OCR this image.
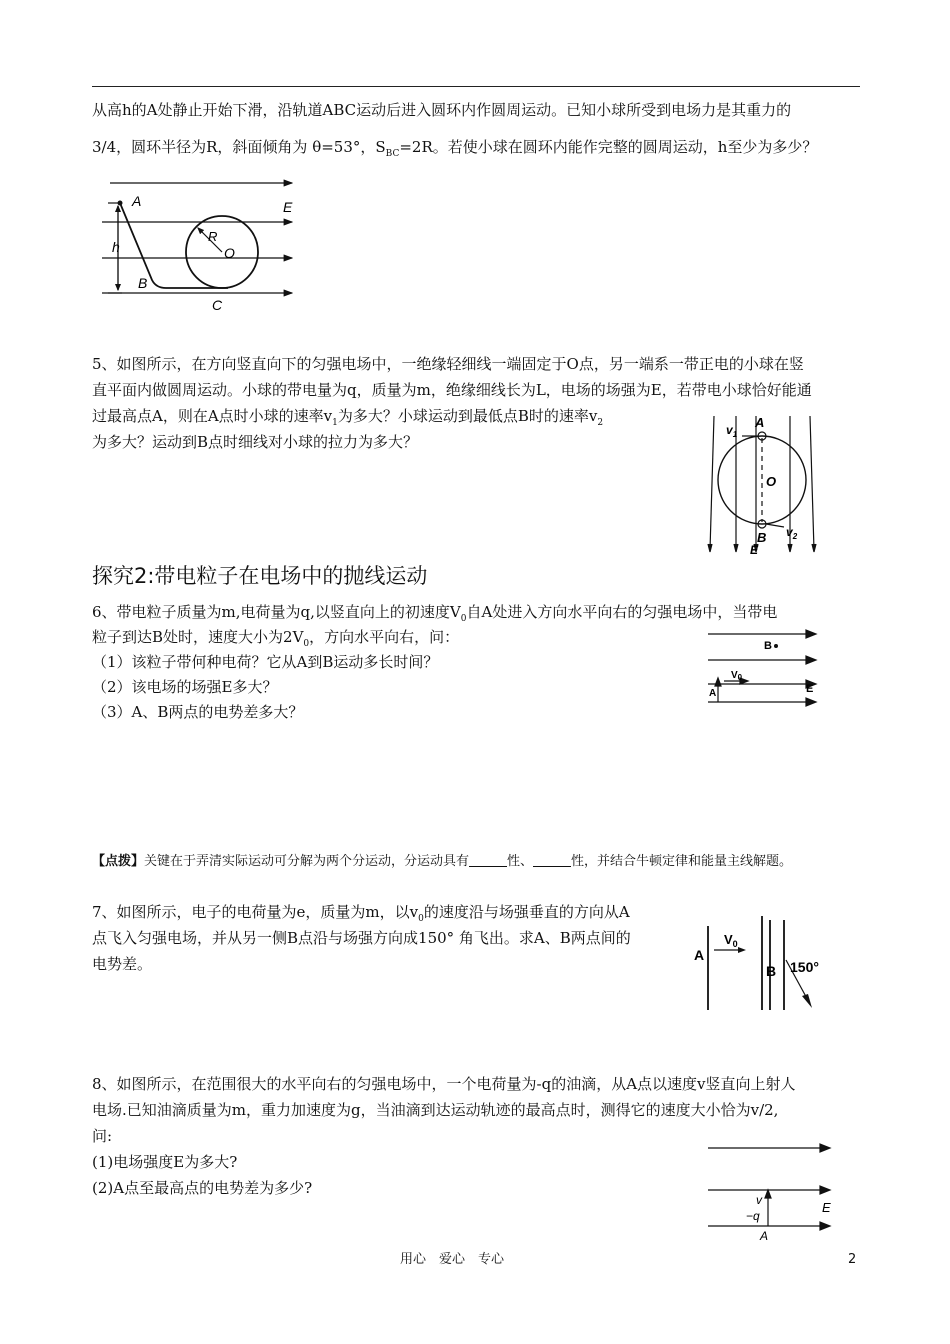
从高h的A处静止开始下滑，沿轨道ABC运动后进入圆环内作圆周运动。已知小球所受到电场力是其重力的
3/4，圆环半径为R，斜面倾角为 θ=53°，$S_{BC}=2R$。若使小球在圆环内能作完整的圆周运动，h至少为多少？
A	E
h
R
O
B
C
5、如图所示，在方向竖直向下的匀强电场中，一绝缘轻细线一端固定于O点，另一端系一带正电的小球在竖
直平面内做圆周运动。小球的带电量为q，质量为m，绝缘细线长为L，电场的场强为E，若带电小球恰好能通
过最高点A，则在A点时小球的速率$v_1$为多大？小球运动到最低点B时的速率$v_2$
为多大？运动到B点时细线对小球的拉力为多大？
$v_1$
A
O
B
E
$v_2$
探究2:带电粒子在电场中的抛线运动
6、带电粒子质量为m,电荷量为q,以竖直向上的初速度$V_0$自A处进入方向水平向右的匀强电场中，当带电
粒子到达B处时，速度大小为$2V_0$，方向水平向右，问：
（1）该粒子带何种电荷？它从A到B运动多长时间？
（2）该电场的场强E多大？
（3）A、B两点的电势差多大？
B
$V_0$
A	E
【点拨】关键在于弄清实际运动可分解为两个分运动，分运动具有	性、	性，并结合牛顿定律和能量主线解题。
7、如图所示，电子的电荷量为e，质量为m，以$v_0$的速度沿与场强垂直的方向从A
点飞入匀强电场，并从另一侧B点沿与场强方向成150° 角飞出。求A、B两点间的
电势差。	A
$V_0$
B 150°
8、如图所示，在范围很大的水平向右的匀强电场中，一个电荷量为-q的油滴，从A点以速度v竖直向上射人
电场.已知油滴质量为m，重力加速度为g，当油滴到达运动轨迹的最高点时，测得它的速度大小恰为v/2,
问:
(1)电场强度E为多大?
(2)A点至最高点的电势差为多少?
v
−q
E
A
用心　爱心　专心	2
